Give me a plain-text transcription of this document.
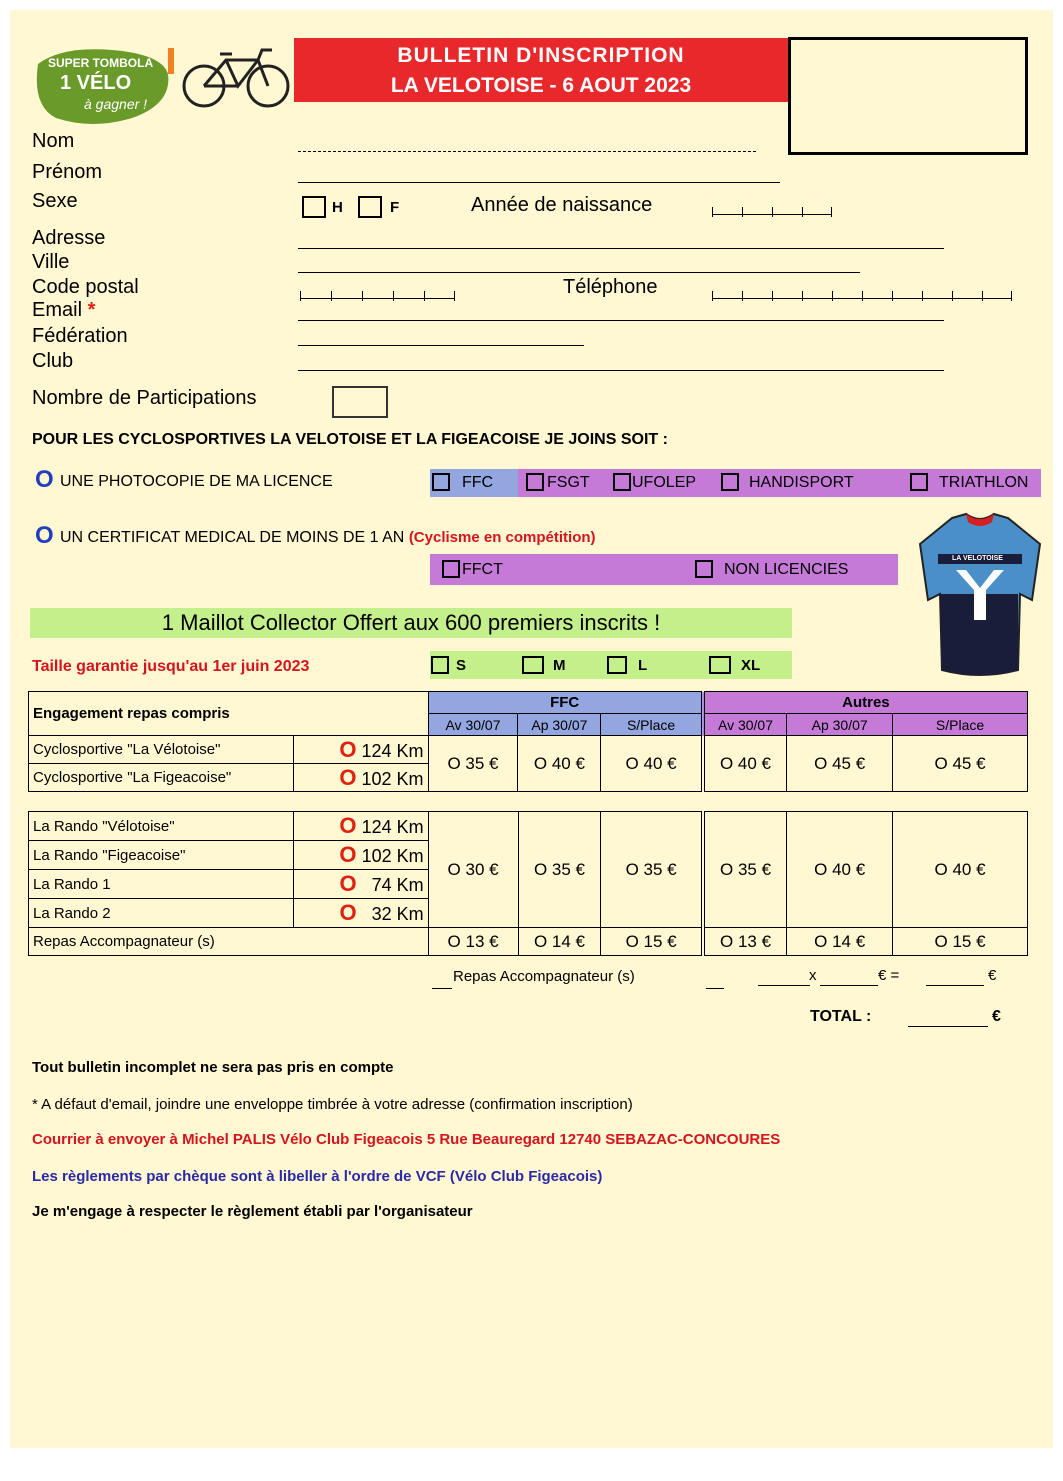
SUPER TOMBOLA
1 VÉLO
à gagner !
BULLETIN D'INSCRIPTION
LA VELOTOISE - 6 AOUT 2023
Nom
Prénom
Sexe
Adresse
Ville
Code postal
Email *
Fédération
Club
Nombre de Participations
H	F	Année de naissance
Téléphone
POUR LES CYCLOSPORTIVES LA VELOTOISE ET LA FIGEACOISE JE JOINS SOIT :
O UNE PHOTOCOPIE DE MA LICENCE	FFC	FSGT	UFOLEP	HANDISPORT	TRIATHLON
O UN CERTIFICAT MEDICAL DE MOINS DE 1 AN (Cyclisme en compétition)
FFCT	NON LICENCIES
LA VELOTOISE
1 Maillot Collector Offert aux 600 premiers inscrits !
Taille garantie jusqu'au 1er juin 2023	S	M	L	XL
Engagement repas compris		FFC			Autres		
		Av 30/07	Ap 30/07	S/Place	Av 30/07	Ap 30/07	S/Place
Cyclosportive "La Vélotoise"	O 124 Km	O 35 €	O 40 €	O 40 €	O 40 €	O 45 €	O 45 €
Cyclosportive "La Figeacoise"	O 102 Km						
La Rando "Vélotoise"	O 124 Km	O 30 €	O 35 €	O 35 €	O 35 €	O 40 €	O 40 €
La Rando "Figeacoise"	O 102 Km						
La Rando 1	O 74 Km						
La Rando 2	O 32 Km						
Repas Accompagnateur (s)		O 13 €	O 14 €	O 15 €	O 13 €	O 14 €	O 15 €
Repas Accompagnateur (s)	x	€ =	€
TOTAL :	€
Tout bulletin incomplet ne sera pas pris en compte
* A défaut d'email, joindre une enveloppe timbrée à votre adresse (confirmation inscription)
Courrier à envoyer à Michel PALIS Vélo Club Figeacois 5 Rue Beauregard 12740 SEBAZAC-CONCOURES
Les règlements par chèque sont à libeller à l'ordre de VCF (Vélo Club Figeacois)
Je m'engage à respecter le règlement établi par l'organisateur
